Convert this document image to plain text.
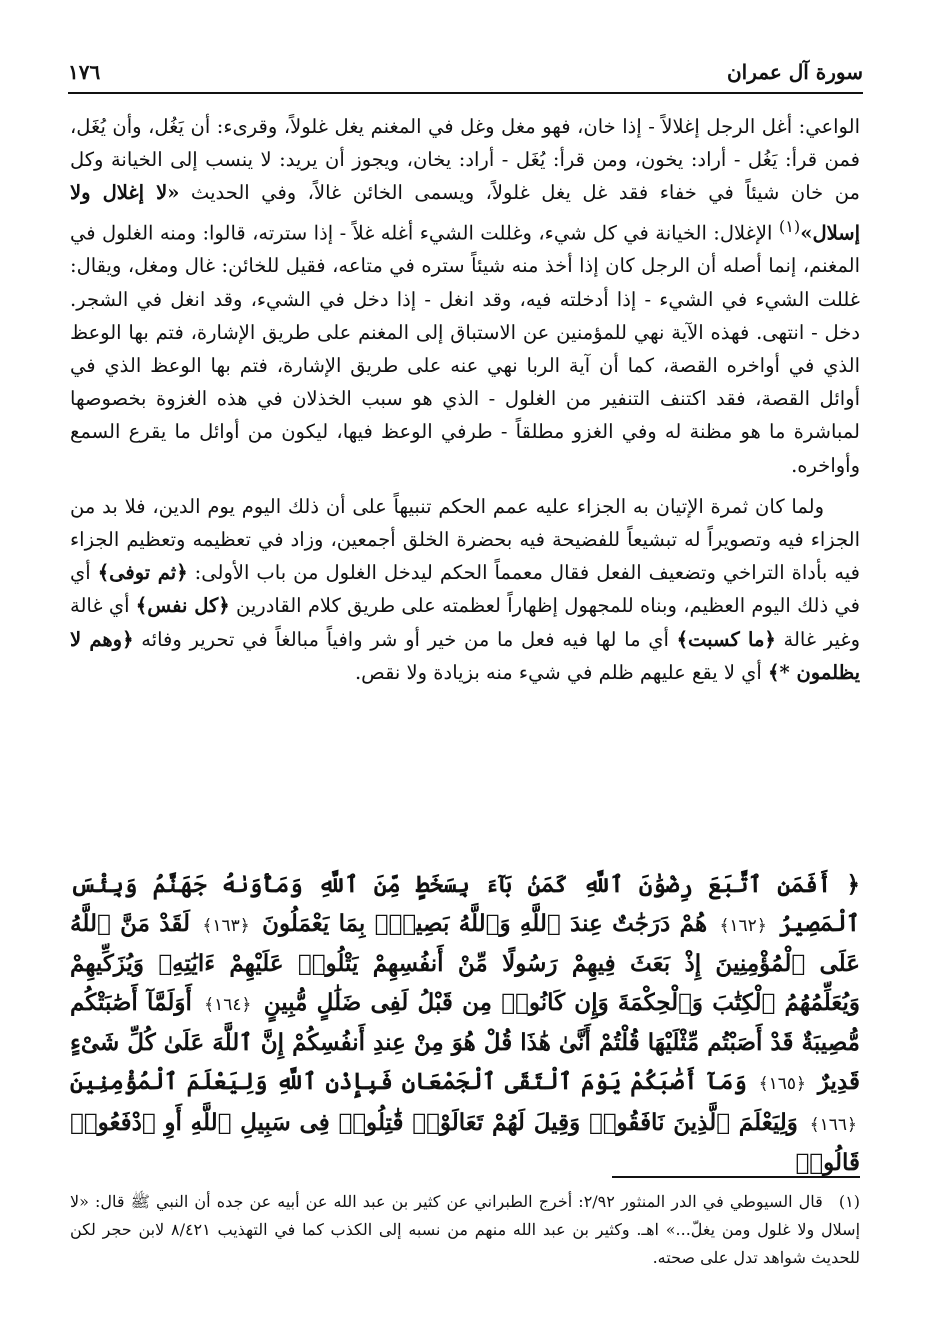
سورة آل عمران
١٧٦

الواعي: أغل الرجل إغلالاً - إذا خان، فهو مغل وغل في المغنم يغل غلولاً، وقرىء: أن يَغُل، وأن يُغَل، فمن قرأ: يَغُل - أراد: يخون، ومن قرأ: يُغَل - أراد: يخان، ويجوز أن يريد: لا ينسب إلى الخيانة وكل من خان شيئاً في خفاء فقد غل يغل غلولاً، ويسمى الخائن غالاً، وفي الحديث «لا إغلال ولا إسلال»$^{(١)}$ الإغلال: الخيانة في كل شيء، وغللت الشيء أغله غلاً - إذا سترته، قالوا: ومنه الغلول في المغنم، إنما أصله أن الرجل كان إذا أخذ منه شيئاً ستره في متاعه، فقيل للخائن: غال ومغل، ويقال: غللت الشيء في الشيء - إذا أدخلته فيه، وقد انغل - إذا دخل في الشيء، وقد انغل في الشجر. دخل - انتهى. فهذه الآية نهي للمؤمنين عن الاستباق إلى المغنم على طريق الإشارة، فتم بها الوعظ الذي في أواخره القصة، كما أن آية الربا نهي عنه على طريق الإشارة، فتم بها الوعظ الذي في أوائل القصة، فقد اكتنف التنفير من الغلول - الذي هو سبب الخذلان في هذه الغزوة بخصوصها لمباشرة ما هو مظنة له وفي الغزو مطلقاً - طرفي الوعظ فيها، ليكون من أوائل ما يقرع السمع وأواخره.

ولما كان ثمرة الإتيان به الجزاء عليه عمم الحكم تنبيهاً على أن ذلك اليوم يوم الدين، فلا بد من الجزاء فيه وتصويراً له تبشيعاً للفضيحة فيه بحضرة الخلق أجمعين، وزاد في تعظيمه وتعظيم الجزاء فيه بأداة التراخي وتضعيف الفعل فقال معمماً الحكم ليدخل الغلول من باب الأولى: ﴿ثم توفى﴾ أي في ذلك اليوم العظيم، وبناه للمجهول إظهاراً لعظمته على طريق كلام القادرين ﴿كل نفس﴾ أي غالة وغير غالة ﴿ما كسبت﴾ أي ما لها فيه فعل ما من خير أو شر وافياً مبالغاً في تحرير وفائه ﴿وهم لا يظلمون *﴾ أي لا يقع عليهم ظلم في شيء منه بزيادة ولا نقص.

﴿ أَفَمَنِ ٱتَّبَعَ رِضْوَٰنَ ٱللَّهِ كَمَنۢ بَآءَ بِسَخَطٍ مِّنَ ٱللَّهِ وَمَأْوَىٰهُ جَهَنَّمُ وَبِئْسَ ٱلْمَصِيرُ ﴿١٦٢﴾ هُمْ دَرَجَٰتٌ عِندَ ٱللَّهِ وَٱللَّهُ بَصِيرٌۢ بِمَا يَعْمَلُونَ ﴿١٦٣﴾ لَقَدْ مَنَّ ٱللَّهُ عَلَى ٱلْمُؤْمِنِينَ إِذْ بَعَثَ فِيهِمْ رَسُولًا مِّنْ أَنفُسِهِمْ يَتْلُوا۟ عَلَيْهِمْ ءَايَٰتِهِۦ وَيُزَكِّيهِمْ وَيُعَلِّمُهُمُ ٱلْكِتَٰبَ وَٱلْحِكْمَةَ وَإِن كَانُوا۟ مِن قَبْلُ لَفِى ضَلَٰلٍ مُّبِينٍ ﴿١٦٤﴾ أَوَلَمَّآ أَصَٰبَتْكُم مُّصِيبَةٌ قَدْ أَصَبْتُم مِّثْلَيْهَا قُلْتُمْ أَنَّىٰ هَٰذَا قُلْ هُوَ مِنْ عِندِ أَنفُسِكُمْ إِنَّ ٱللَّهَ عَلَىٰ كُلِّ شَىْءٍ قَدِيرٌ ﴿١٦٥﴾ وَمَآ أَصَٰبَكُمْ يَوْمَ ٱلْتَقَى ٱلْجَمْعَانِ فَبِإِذْنِ ٱللَّهِ وَلِيَعْلَمَ ٱلْمُؤْمِنِينَ ﴿١٦٦﴾ وَلِيَعْلَمَ ٱلَّذِينَ نَافَقُوا۟ وَقِيلَ لَهُمْ تَعَالَوْا۟ قَٰتِلُوا۟ فِى سَبِيلِ ٱللَّهِ أَوِ ٱدْفَعُوا۟ قَالُوا۟
(١) قال السيوطي في الدر المنثور ٢/٩٢: أخرج الطبراني عن كثير بن عبد الله عن أبيه عن جده أن النبي ﷺ قال: «لا إسلال ولا غلول ومن يغلّ...» اهـ. وكثير بن عبد الله منهم من نسبه إلى الكذب كما في التهذيب ٨/٤٢١ لابن حجر لكن للحديث شواهد تدل على صحته.
